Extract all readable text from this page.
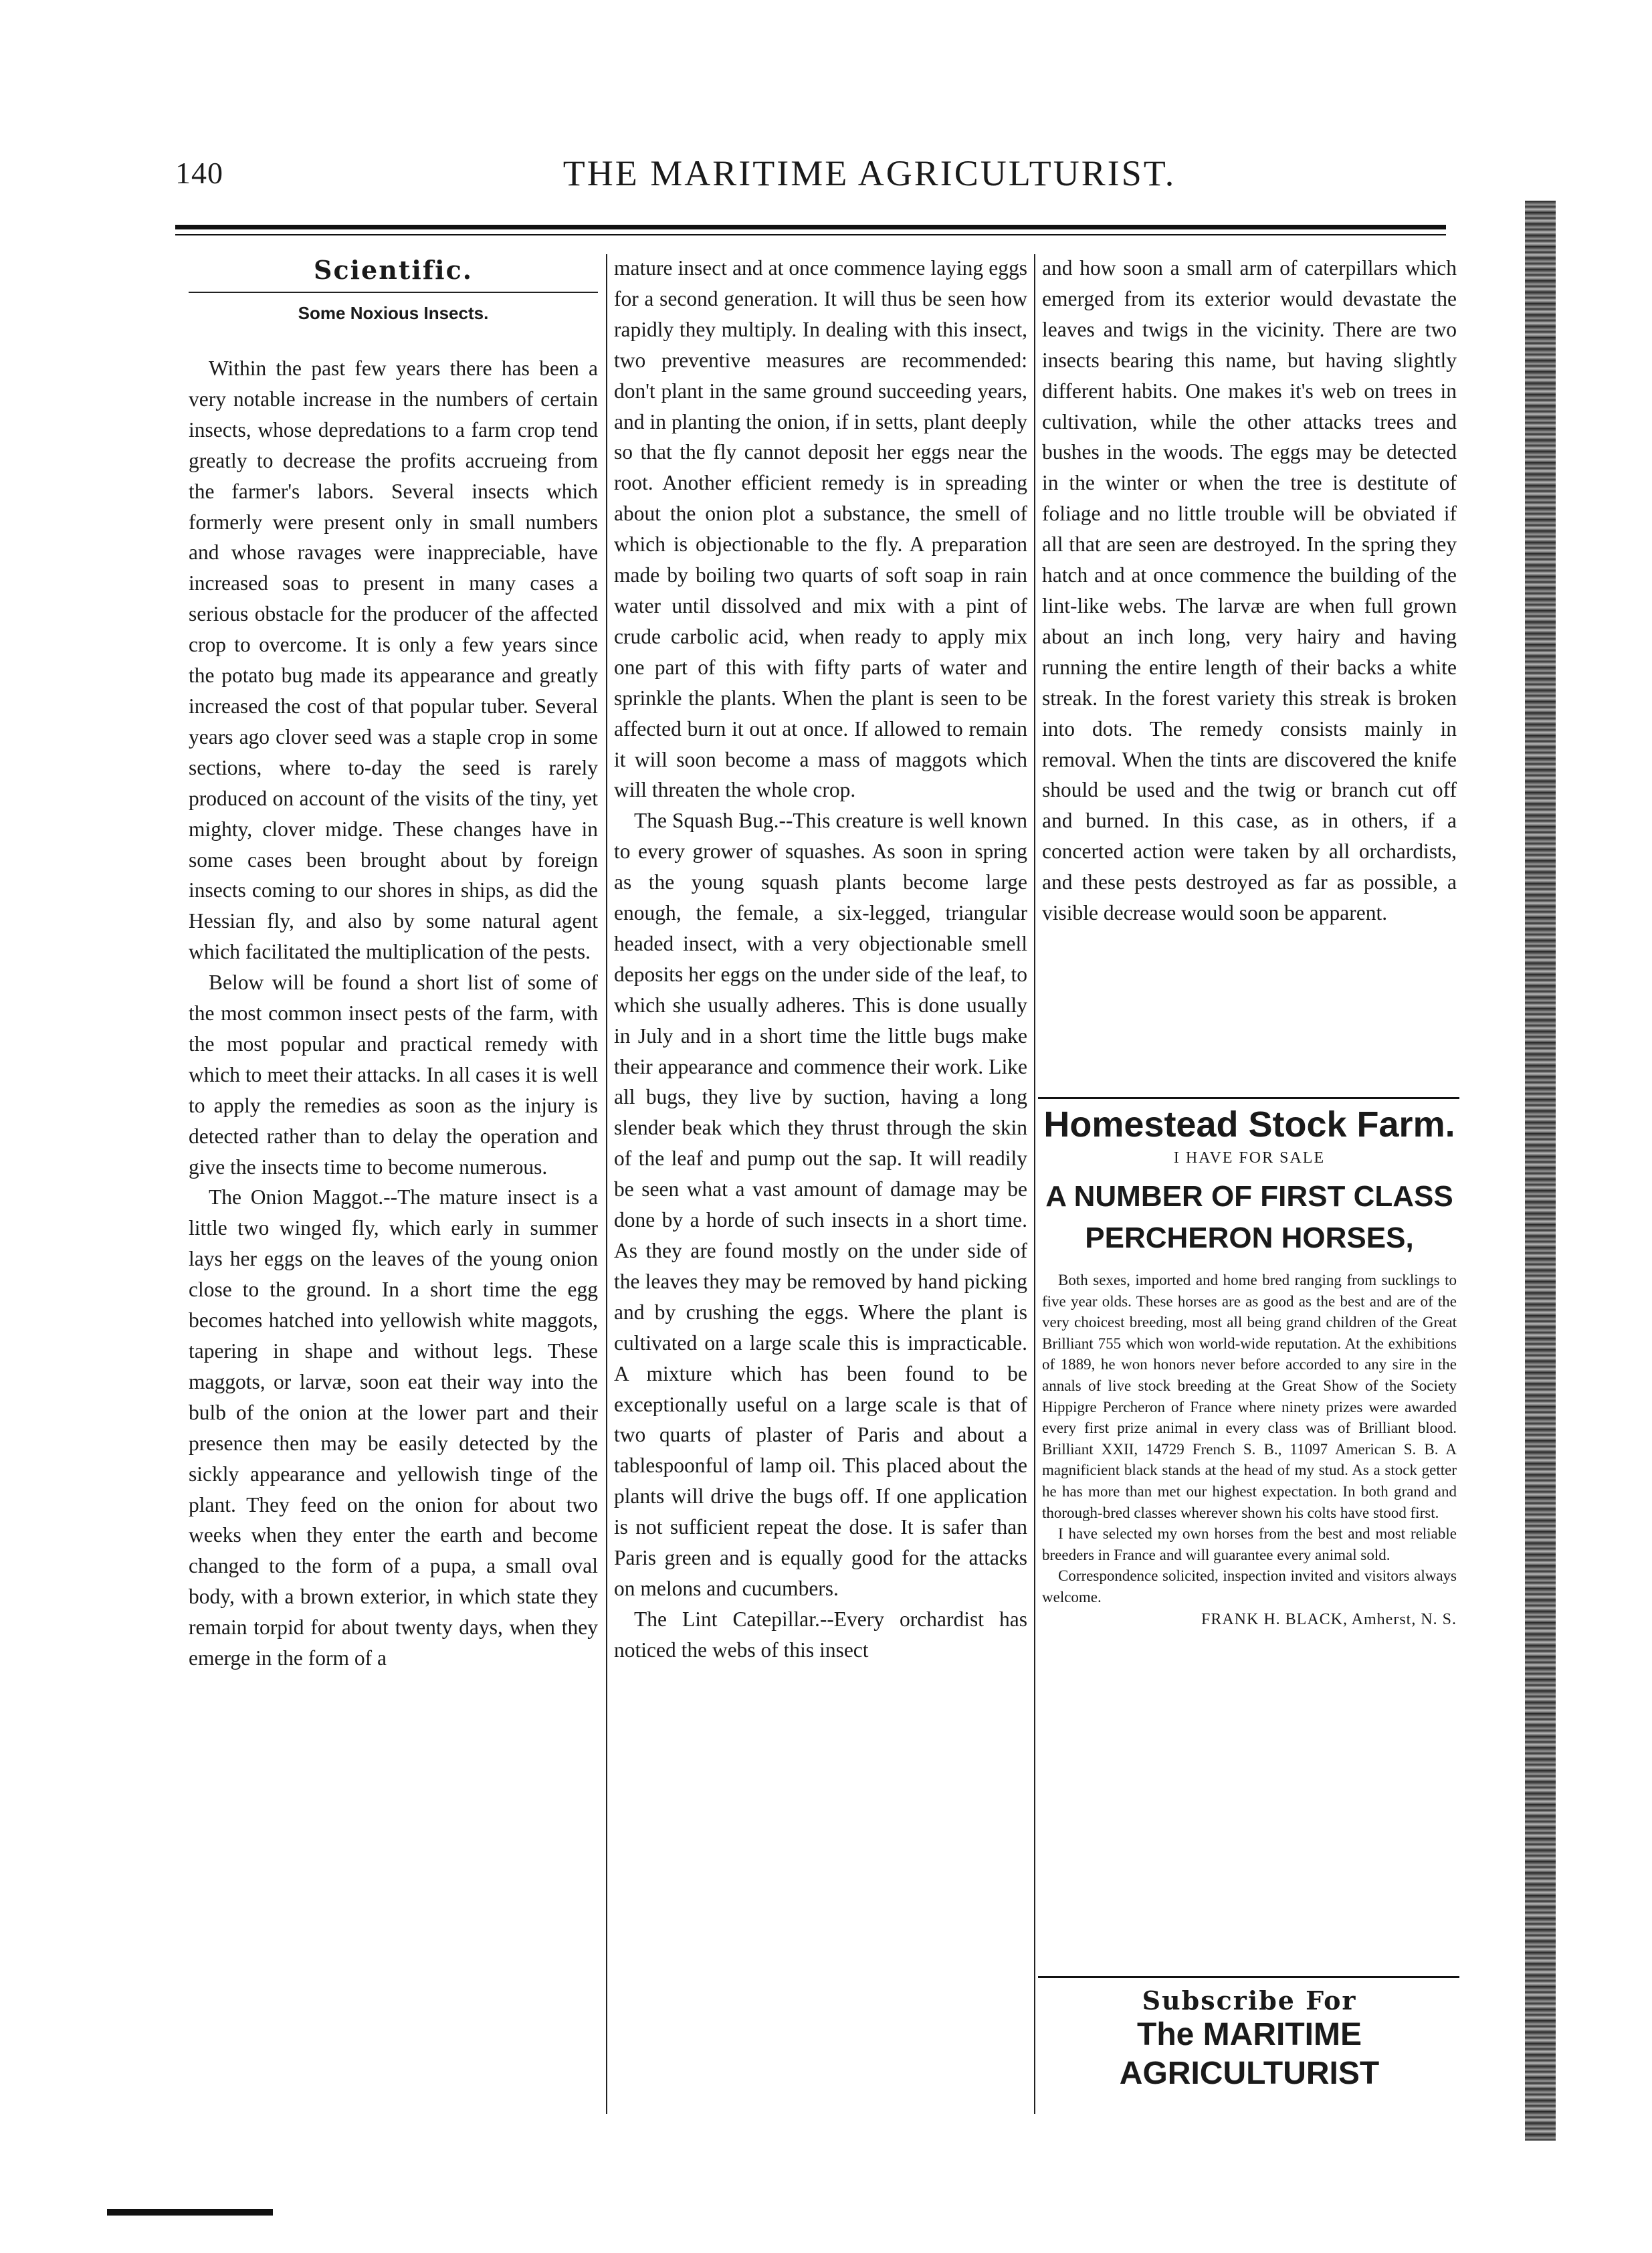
140	THE MARITIME AGRICULTURIST.
Scientific.
Some Noxious Insects.

Within the past few years there has been a very notable increase in the numbers of certain insects, whose depredations to a farm crop tend greatly to decrease the profits accrueing from the farmer's labors. Several insects which formerly were present only in small numbers and whose ravages were inappreciable, have increased soas to present in many cases a serious obstacle for the producer of the affected crop to overcome. It is only a few years since the potato bug made its appearance and greatly increased the cost of that popular tuber. Several years ago clover seed was a staple crop in some sections, where to-day the seed is rarely produced on account of the visits of the tiny, yet mighty, clover midge. These changes have in some cases been brought about by foreign insects coming to our shores in ships, as did the Hessian fly, and also by some natural agent which facilitated the multiplication of the pests.

Below will be found a short list of some of the most common insect pests of the farm, with the most popular and practical remedy with which to meet their attacks. In all cases it is well to apply the remedies as soon as the injury is detected rather than to delay the operation and give the insects time to become numerous.

The Onion Maggot.--The mature insect is a little two winged fly, which early in summer lays her eggs on the leaves of the young onion close to the ground. In a short time the egg becomes hatched into yellowish white maggots, tapering in shape and without legs. These maggots, or larvæ, soon eat their way into the bulb of the onion at the lower part and their presence then may be easily detected by the sickly appearance and yellowish tinge of the plant. They feed on the onion for about two weeks when they enter the earth and become changed to the form of a pupa, a small oval body, with a brown exterior, in which state they remain torpid for about twenty days, when they emerge in the form of a

mature insect and at once commence laying eggs for a second generation. It will thus be seen how rapidly they multiply. In dealing with this insect, two preventive measures are recommended: don't plant in the same ground succeeding years, and in planting the onion, if in setts, plant deeply so that the fly cannot deposit her eggs near the root. Another efficient remedy is in spreading about the onion plot a substance, the smell of which is objectionable to the fly. A preparation made by boiling two quarts of soft soap in rain water until dissolved and mix with a pint of crude carbolic acid, when ready to apply mix one part of this with fifty parts of water and sprinkle the plants. When the plant is seen to be affected burn it out at once. If allowed to remain it will soon become a mass of maggots which will threaten the whole crop.

The Squash Bug.--This creature is well known to every grower of squashes. As soon in spring as the young squash plants become large enough, the female, a six-legged, triangular headed insect, with a very objectionable smell deposits her eggs on the under side of the leaf, to which she usually adheres. This is done usually in July and in a short time the little bugs make their appearance and commence their work. Like all bugs, they live by suction, having a long slender beak which they thrust through the skin of the leaf and pump out the sap. It will readily be seen what a vast amount of damage may be done by a horde of such insects in a short time. As they are found mostly on the under side of the leaves they may be removed by hand picking and by crushing the eggs. Where the plant is cultivated on a large scale this is impracticable. A mixture which has been found to be exceptionally useful on a large scale is that of two quarts of plaster of Paris and about a tablespoonful of lamp oil. This placed about the plants will drive the bugs off. If one application is not sufficient repeat the dose. It is safer than Paris green and is equally good for the attacks on melons and cucumbers.

The Lint Catepillar.--Every orchardist has noticed the webs of this insect

and how soon a small arm of caterpillars which emerged from its exterior would devastate the leaves and twigs in the vicinity. There are two insects bearing this name, but having slightly different habits. One makes it's web on trees in cultivation, while the other attacks trees and bushes in the woods. The eggs may be detected in the winter or when the tree is destitute of foliage and no little trouble will be obviated if all that are seen are destroyed. In the spring they hatch and at once commence the building of the lint-like webs. The larvæ are when full grown about an inch long, very hairy and having running the entire length of their backs a white streak. In the forest variety this streak is broken into dots. The remedy consists mainly in removal. When the tints are discovered the knife should be used and the twig or branch cut off and burned. In this case, as in others, if a concerted action were taken by all orchardists, and these pests destroyed as far as possible, a visible decrease would soon be apparent.

Homestead Stock Farm.
I HAVE FOR SALE
A NUMBER OF FIRST CLASS
PERCHERON HORSES,

Both sexes, imported and home bred ranging from sucklings to five year olds. These horses are as good as the best and are of the very choicest breeding, most all being grand children of the Great Brilliant 755 which won world-wide reputation. At the exhibitions of 1889, he won honors never before accorded to any sire in the annals of live stock breeding at the Great Show of the Society Hippigre Percheron of France where ninety prizes were awarded every first prize animal in every class was of Brilliant blood. Brilliant XXII, 14729 French S. B., 11097 American S. B. A magnificient black stands at the head of my stud. As a stock getter he has more than met our highest expectation. In both grand and thorough-bred classes wherever shown his colts have stood first.

I have selected my own horses from the best and most reliable breeders in France and will guarantee every animal sold.

Correspondence solicited, inspection invited and visitors always welcome.

FRANK H. BLACK, Amherst, N. S.
Subscribe For
The MARITIME AGRICULTURIST
